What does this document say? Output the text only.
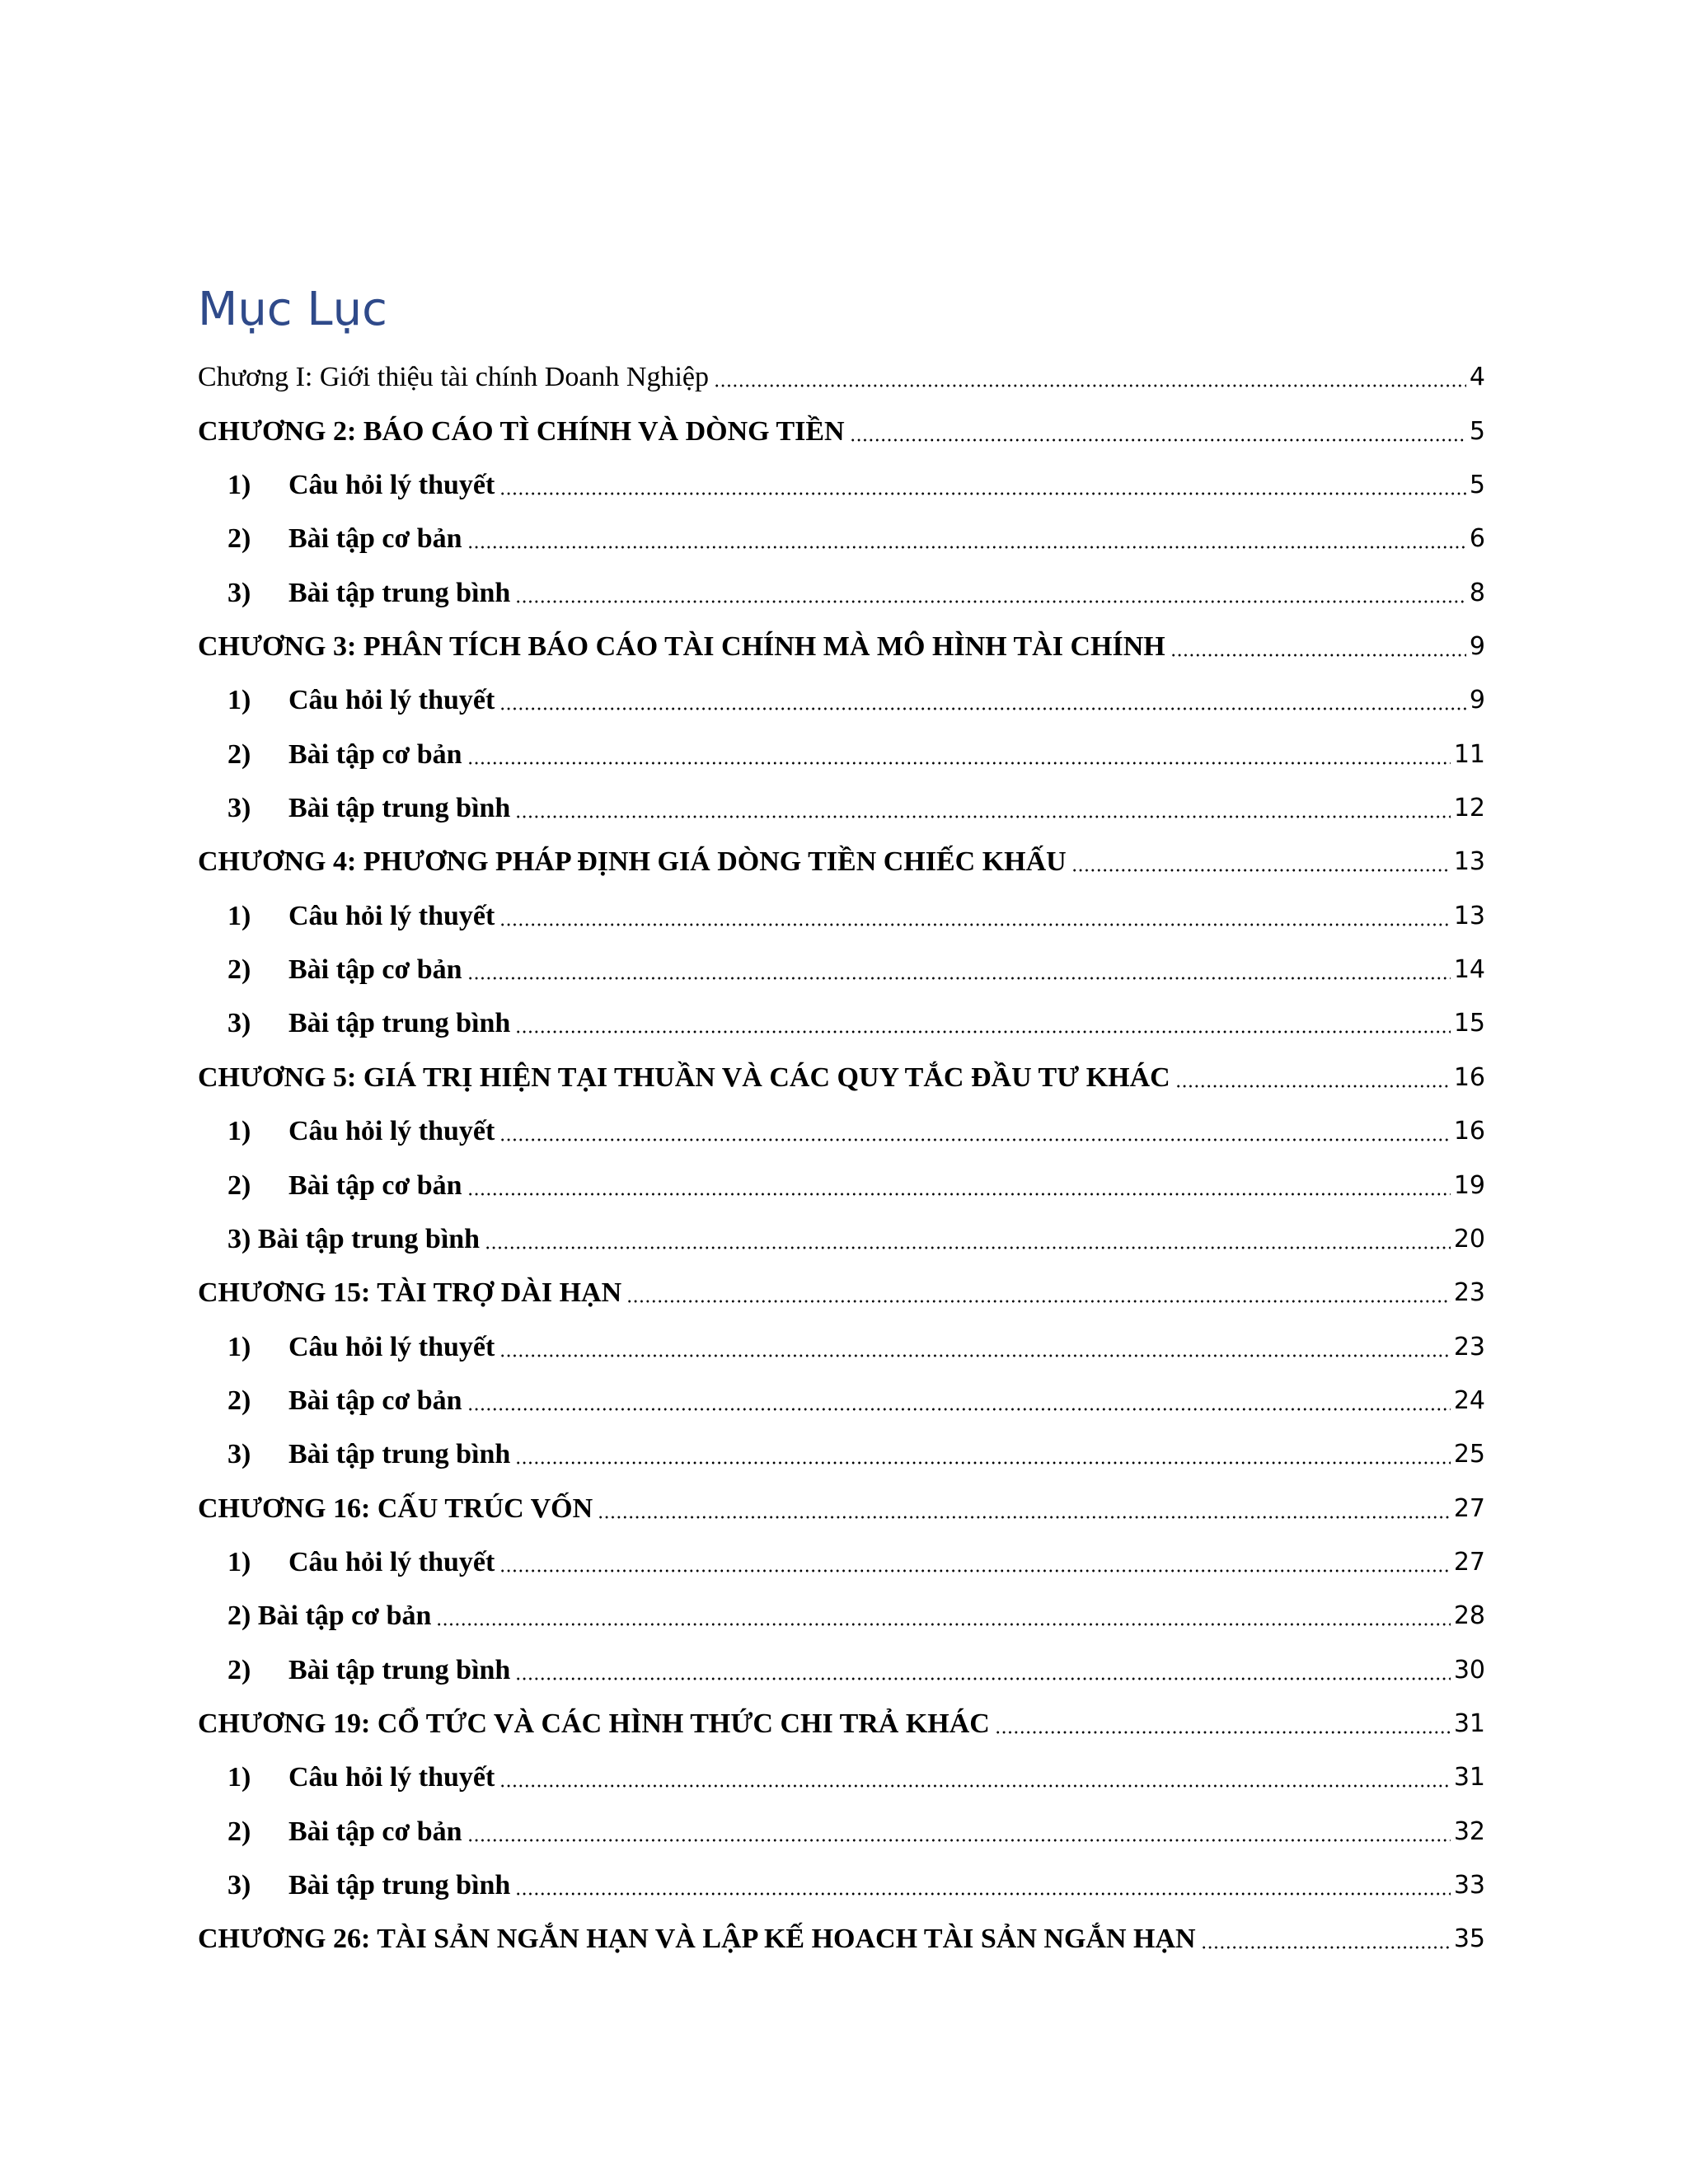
Mục Lục
Chương I: Giới thiệu tài chính Doanh Nghiệp	4
CHƯƠNG 2: BÁO CÁO TÌ CHÍNH VÀ DÒNG TIỀN	5
1) Câu hỏi lý thuyết	5
2) Bài tập cơ bản	6
3) Bài tập trung bình	8
CHƯƠNG 3: PHÂN TÍCH BÁO CÁO TÀI CHÍNH MÀ MÔ HÌNH TÀI CHÍNH	9
1) Câu hỏi lý thuyết	9
2) Bài tập cơ bản	11
3) Bài tập trung bình	12
CHƯƠNG 4: PHƯƠNG PHÁP ĐỊNH GIÁ DÒNG TIỀN CHIẾC KHẤU	13
1) Câu hỏi lý thuyết	13
2) Bài tập cơ bản	14
3) Bài tập trung bình	15
CHƯƠNG 5: GIÁ TRỊ HIỆN TẠI THUẦN VÀ CÁC QUY TẮC ĐẦU TƯ KHÁC	16
1) Câu hỏi lý thuyết	16
2) Bài tập cơ bản	19
3) Bài tập trung bình	20
CHƯƠNG 15: TÀI TRỢ DÀI HẠN	23
1) Câu hỏi lý thuyết	23
2) Bài tập cơ bản	24
3) Bài tập trung bình	25
CHƯƠNG 16: CẤU TRÚC VỐN	27
1) Câu hỏi lý thuyết	27
2) Bài tập cơ bản	28
2) Bài tập trung bình	30
CHƯƠNG 19: CỔ TỨC VÀ CÁC HÌNH THỨC CHI TRẢ KHÁC	31
1) Câu hỏi lý thuyết	31
2) Bài tập cơ bản	32
3) Bài tập trung bình	33
CHƯƠNG 26: TÀI SẢN NGẮN HẠN VÀ LẬP KẾ HOACH TÀI SẢN NGẮN HẠN	35
